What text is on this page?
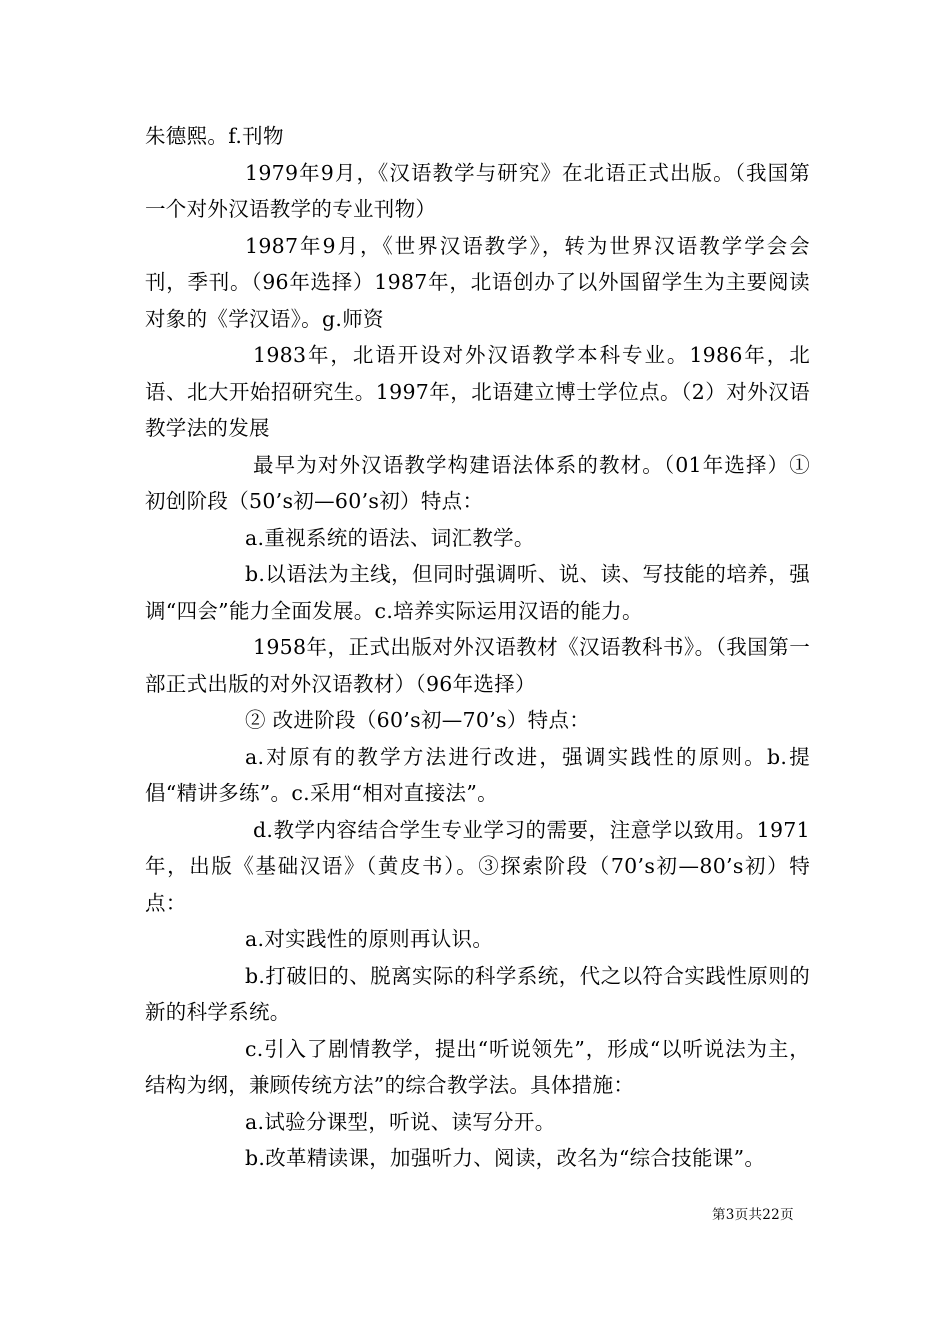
朱德熙。f.刊物

1979年9月，《汉语教学与研究》在北语正式出版。（我国第一个对外汉语教学的专业刊物）

1987年9月，《世界汉语教学》，转为世界汉语教学学会会刊，季刊。（96年选择）1987年，北语创办了以外国留学生为主要阅读对象的《学汉语》。g.师资

1983年，北语开设对外汉语教学本科专业。1986年，北语、北大开始招研究生。1997年，北语建立博士学位点。（2）对外汉语教学法的发展

最早为对外汉语教学构建语法体系的教材。（01年选择）①初创阶段（50’s初—60’s初）特点：

a.重视系统的语法、词汇教学。

b.以语法为主线，但同时强调听、说、读、写技能的培养，强调“四会”能力全面发展。c.培养实际运用汉语的能力。

1958年，正式出版对外汉语教材《汉语教科书》。（我国第一部正式出版的对外汉语教材）（96年选择）

② 改进阶段（60’s初—70’s）特点：

a.对原有的教学方法进行改进，强调实践性的原则。b.提倡“精讲多练”。c.采用“相对直接法”。

d.教学内容结合学生专业学习的需要，注意学以致用。1971年，出版《基础汉语》（黄皮书）。③探索阶段（70’s初—80’s初）特点：

a.对实践性的原则再认识。

b.打破旧的、脱离实际的科学系统，代之以符合实践性原则的新的科学系统。

c.引入了剧情教学，提出“听说领先”，形成“以听说法为主，结构为纲，兼顾传统方法”的综合教学法。具体措施：

a.试验分课型，听说、读写分开。

b.改革精读课，加强听力、阅读，改名为“综合技能课”。

第3页共22页
